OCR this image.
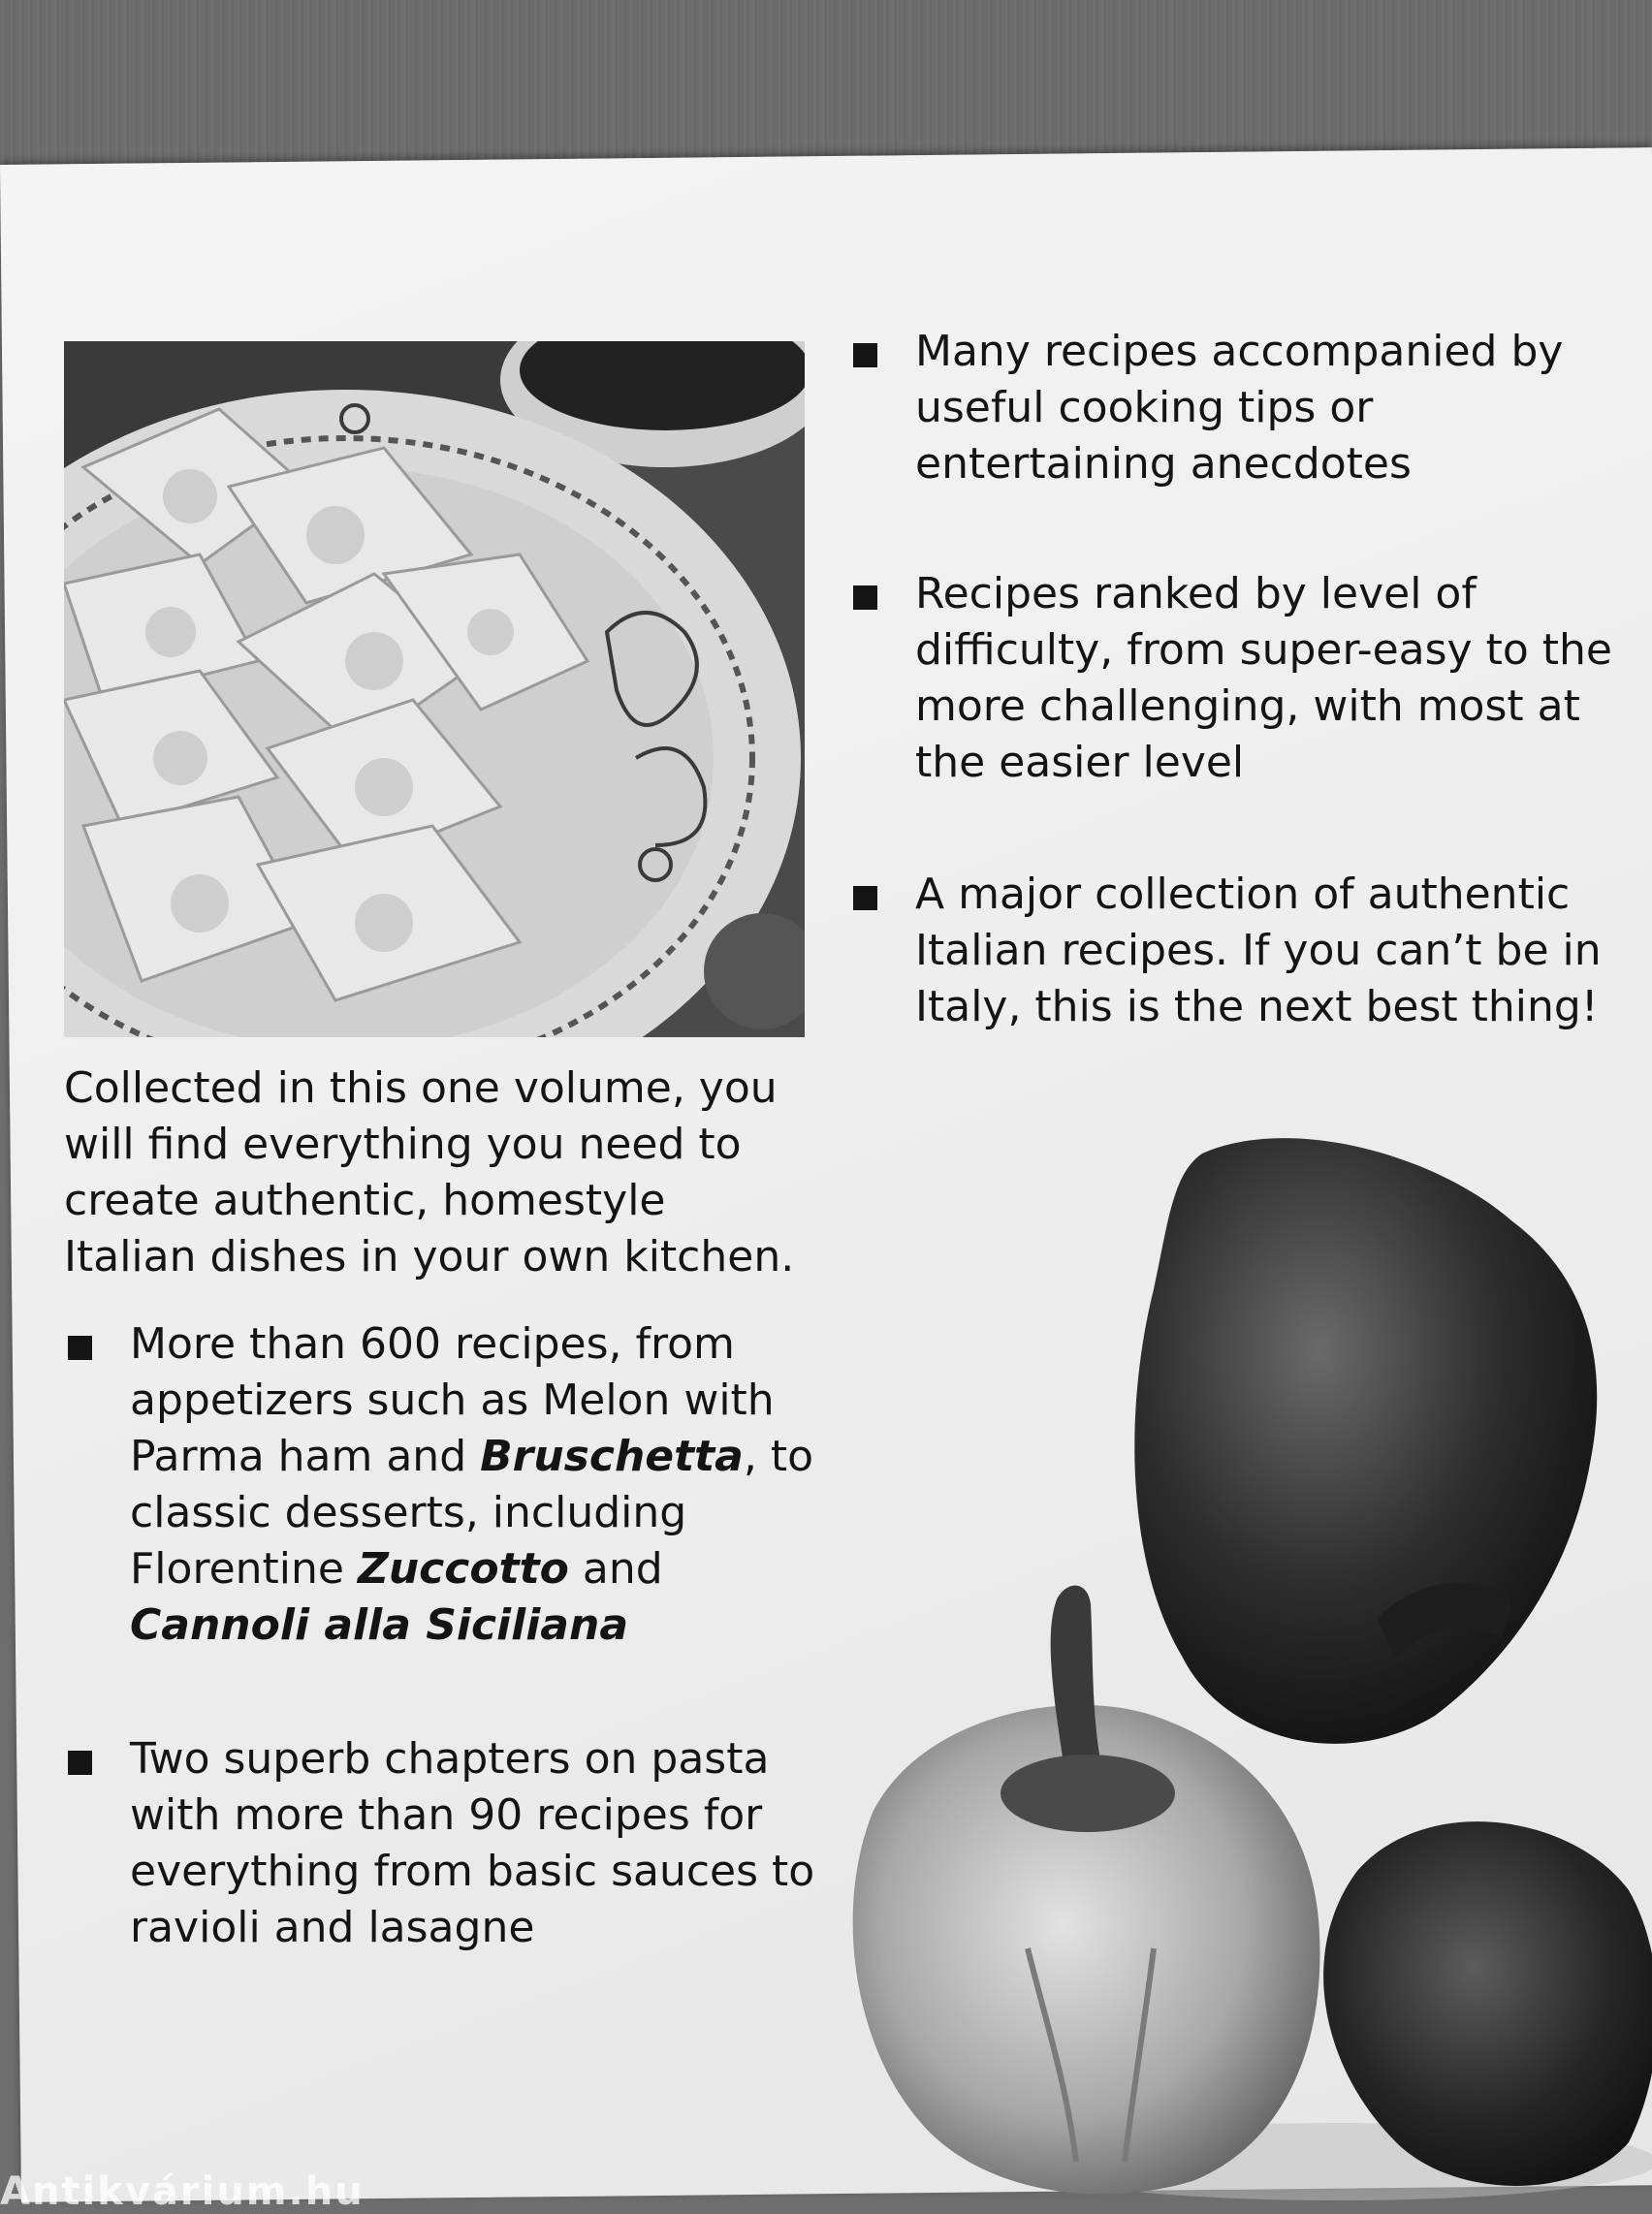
Collected in this one volume, you will find everything you need to create authentic, homestyle Italian dishes in your own kitchen.
More than 600 recipes, from appetizers such as Melon with Parma ham and Bruschetta, to classic desserts, including Florentine Zuccotto and Cannoli alla Siciliana
Two superb chapters on pasta with more than 90 recipes for everything from basic sauces to ravioli and lasagne
Many recipes accompanied by useful cooking tips or entertaining anecdotes
Recipes ranked by level of difficulty, from super-easy to the more challenging, with most at the easier level
A major collection of authentic Italian recipes. If you can’t be in Italy, this is the next best thing!
Antikvárium.hu
